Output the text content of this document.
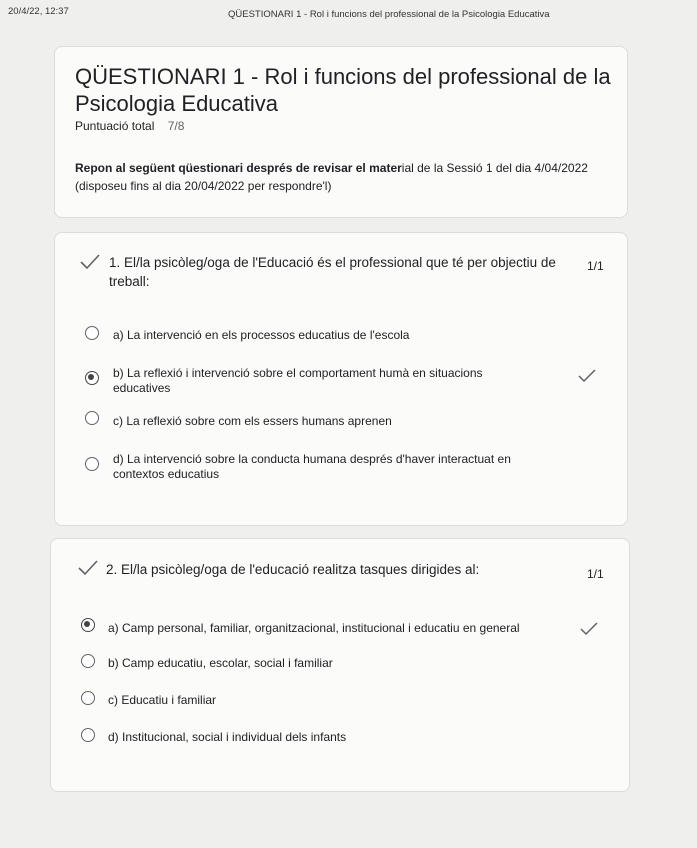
20/4/22, 12:37	QÜESTIONARI 1 - Rol i funcions del professional de la Psicologia Educativa
QÜESTIONARI 1 - Rol i funcions del professional de la Psicologia Educativa
Puntuació total 7/8
Repon al següent qüestionari després de revisar el material de la Sessió 1 del dia 4/04/2022 (disposeu fins al dia 20/04/2022 per respondre'l)
1. El/la psicòleg/oga de l'Educació és el professional que té per objectiu de treball:
1/1
a) La intervenció en els processos educatius de l'escola
b) La reflexió i intervenció sobre el comportament humà en situacions educatives
c) La reflexió sobre com els essers humans aprenen
d) La intervenció sobre la conducta humana després d'haver interactuat en contextos educatius
2. El/la psicòleg/oga de l'educació realitza tasques dirigides al:	1/1
a) Camp personal, familiar, organitzacional, institucional i educatiu en general
b) Camp educatiu, escolar, social i familiar
c) Educatiu i familiar
d) Institucional, social i individual dels infants
